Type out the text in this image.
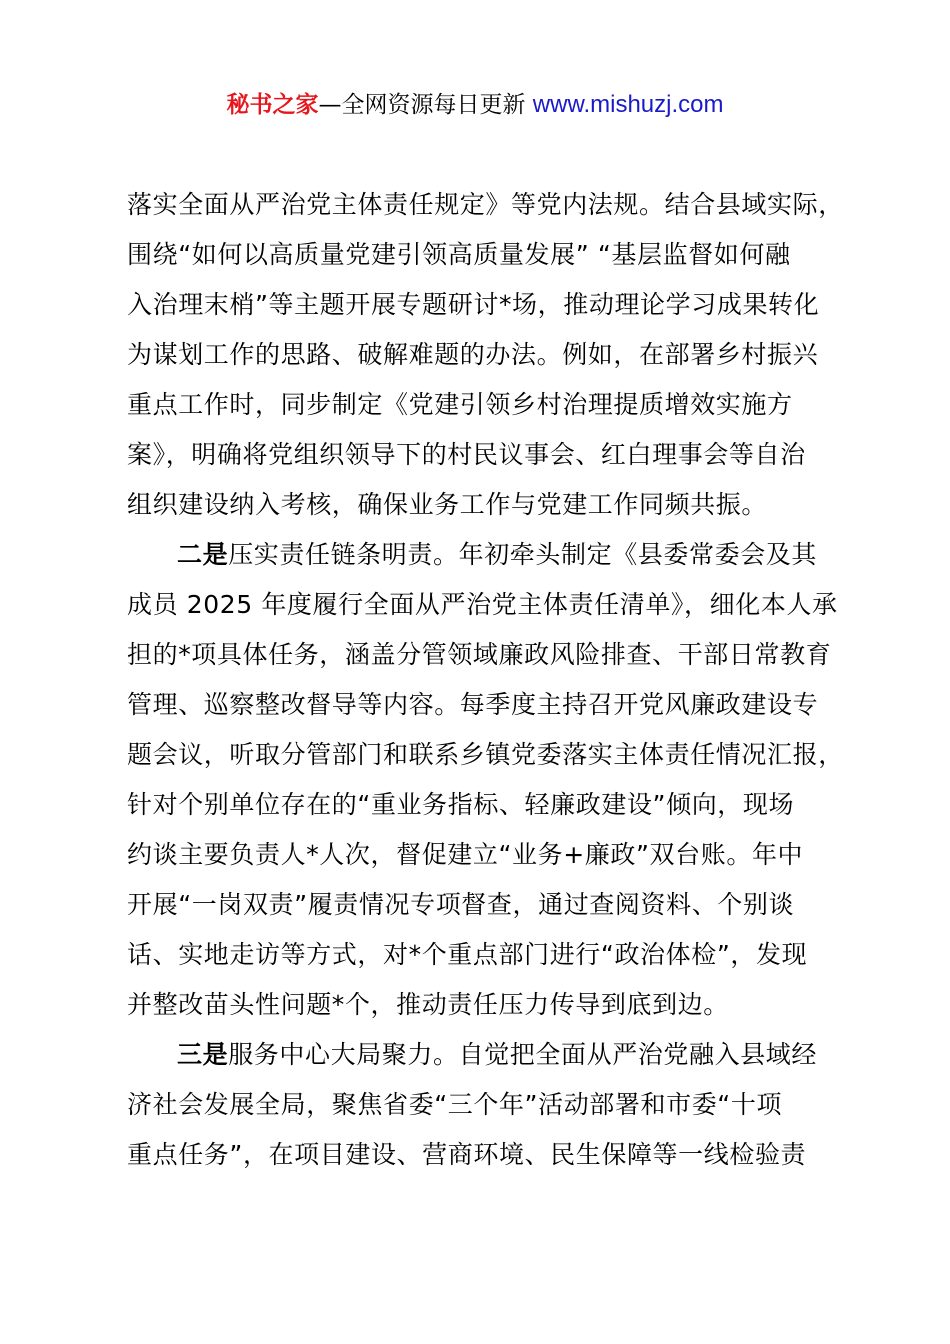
秘书之家—全网资源每日更新 www.mishuzj.com
落实全面从严治党主体责任规定》等党内法规。结合县域实际，
围绕“如何以高质量党建引领高质量发展” “基层监督如何融
入治理末梢”等主题开展专题研讨*场，推动理论学习成果转化
为谋划工作的思路、破解难题的办法。例如，在部署乡村振兴
重点工作时，同步制定《党建引领乡村治理提质增效实施方
案》，明确将党组织领导下的村民议事会、红白理事会等自治
组织建设纳入考核，确保业务工作与党建工作同频共振。
二是压实责任链条明责。年初牵头制定《县委常委会及其
成员 2025 年度履行全面从严治党主体责任清单》，细化本人承
担的*项具体任务，涵盖分管领域廉政风险排查、干部日常教育
管理、巡察整改督导等内容。每季度主持召开党风廉政建设专
题会议，听取分管部门和联系乡镇党委落实主体责任情况汇报，
针对个别单位存在的“重业务指标、轻廉政建设”倾向，现场
约谈主要负责人*人次，督促建立“业务+廉政”双台账。年中
开展“一岗双责”履责情况专项督查，通过查阅资料、个别谈
话、实地走访等方式，对*个重点部门进行“政治体检”，发现
并整改苗头性问题*个，推动责任压力传导到底到边。
三是服务中心大局聚力。自觉把全面从严治党融入县域经
济社会发展全局，聚焦省委“三个年”活动部署和市委“十项
重点任务”，在项目建设、营商环境、民生保障等一线检验责
